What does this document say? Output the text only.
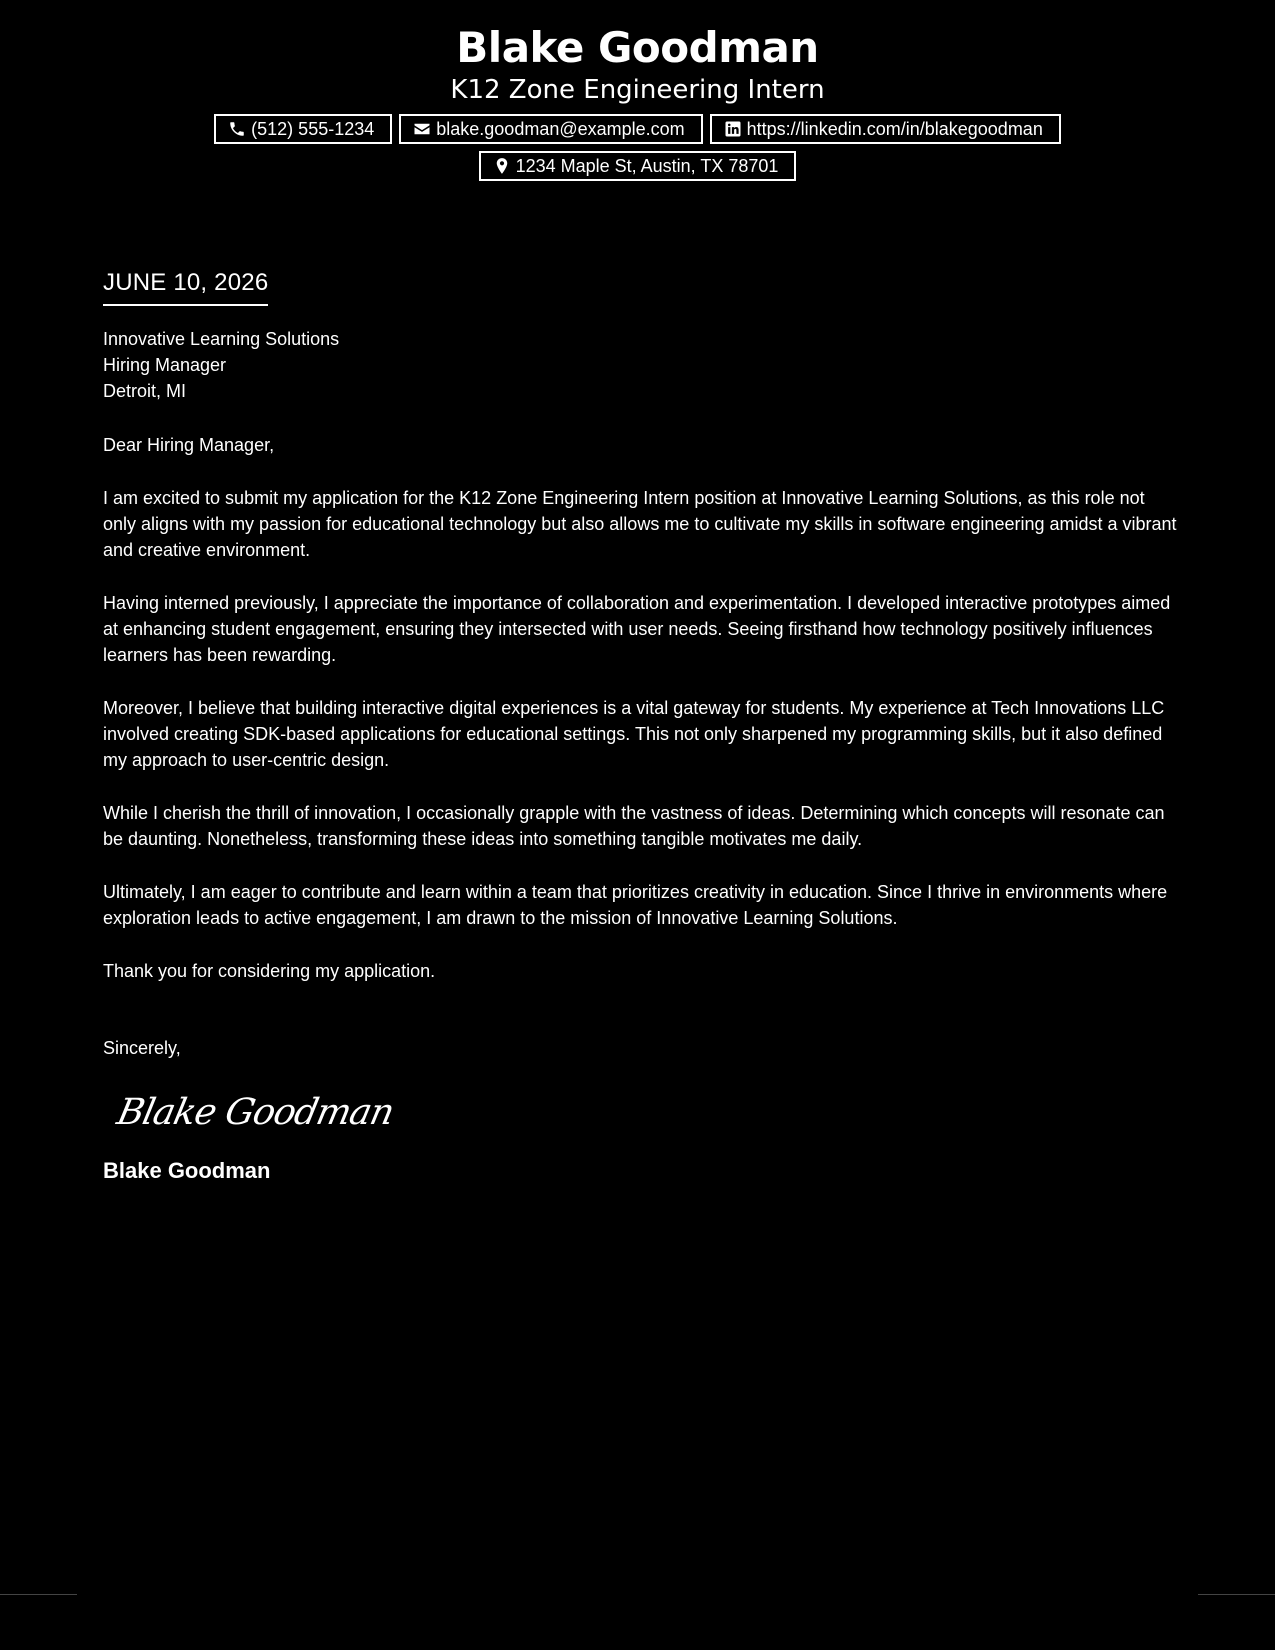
Blake Goodman
K12 Zone Engineering Intern
(512) 555-1234	blake.goodman@example.com	https://linkedin.com/in/blakegoodman
1234 Maple St, Austin, TX 78701
JUNE 10, 2026
Innovative Learning Solutions
Hiring Manager
Detroit, MI
Dear Hiring Manager,
I am excited to submit my application for the K12 Zone Engineering Intern position at Innovative Learning Solutions, as this role not only aligns with my passion for educational technology but also allows me to cultivate my skills in software engineering amidst a vibrant and creative environment.
Having interned previously, I appreciate the importance of collaboration and experimentation. I developed interactive prototypes aimed at enhancing student engagement, ensuring they intersected with user needs. Seeing firsthand how technology positively influences learners has been rewarding.
Moreover, I believe that building interactive digital experiences is a vital gateway for students. My experience at Tech Innovations LLC involved creating SDK-based applications for educational settings. This not only sharpened my programming skills, but it also defined my approach to user-centric design.
While I cherish the thrill of innovation, I occasionally grapple with the vastness of ideas. Determining which concepts will resonate can be daunting. Nonetheless, transforming these ideas into something tangible motivates me daily.
Ultimately, I am eager to contribute and learn within a team that prioritizes creativity in education. Since I thrive in environments where exploration leads to active engagement, I am drawn to the mission of Innovative Learning Solutions.
Thank you for considering my application.
Sincerely,
Blake Goodman
Blake Goodman
